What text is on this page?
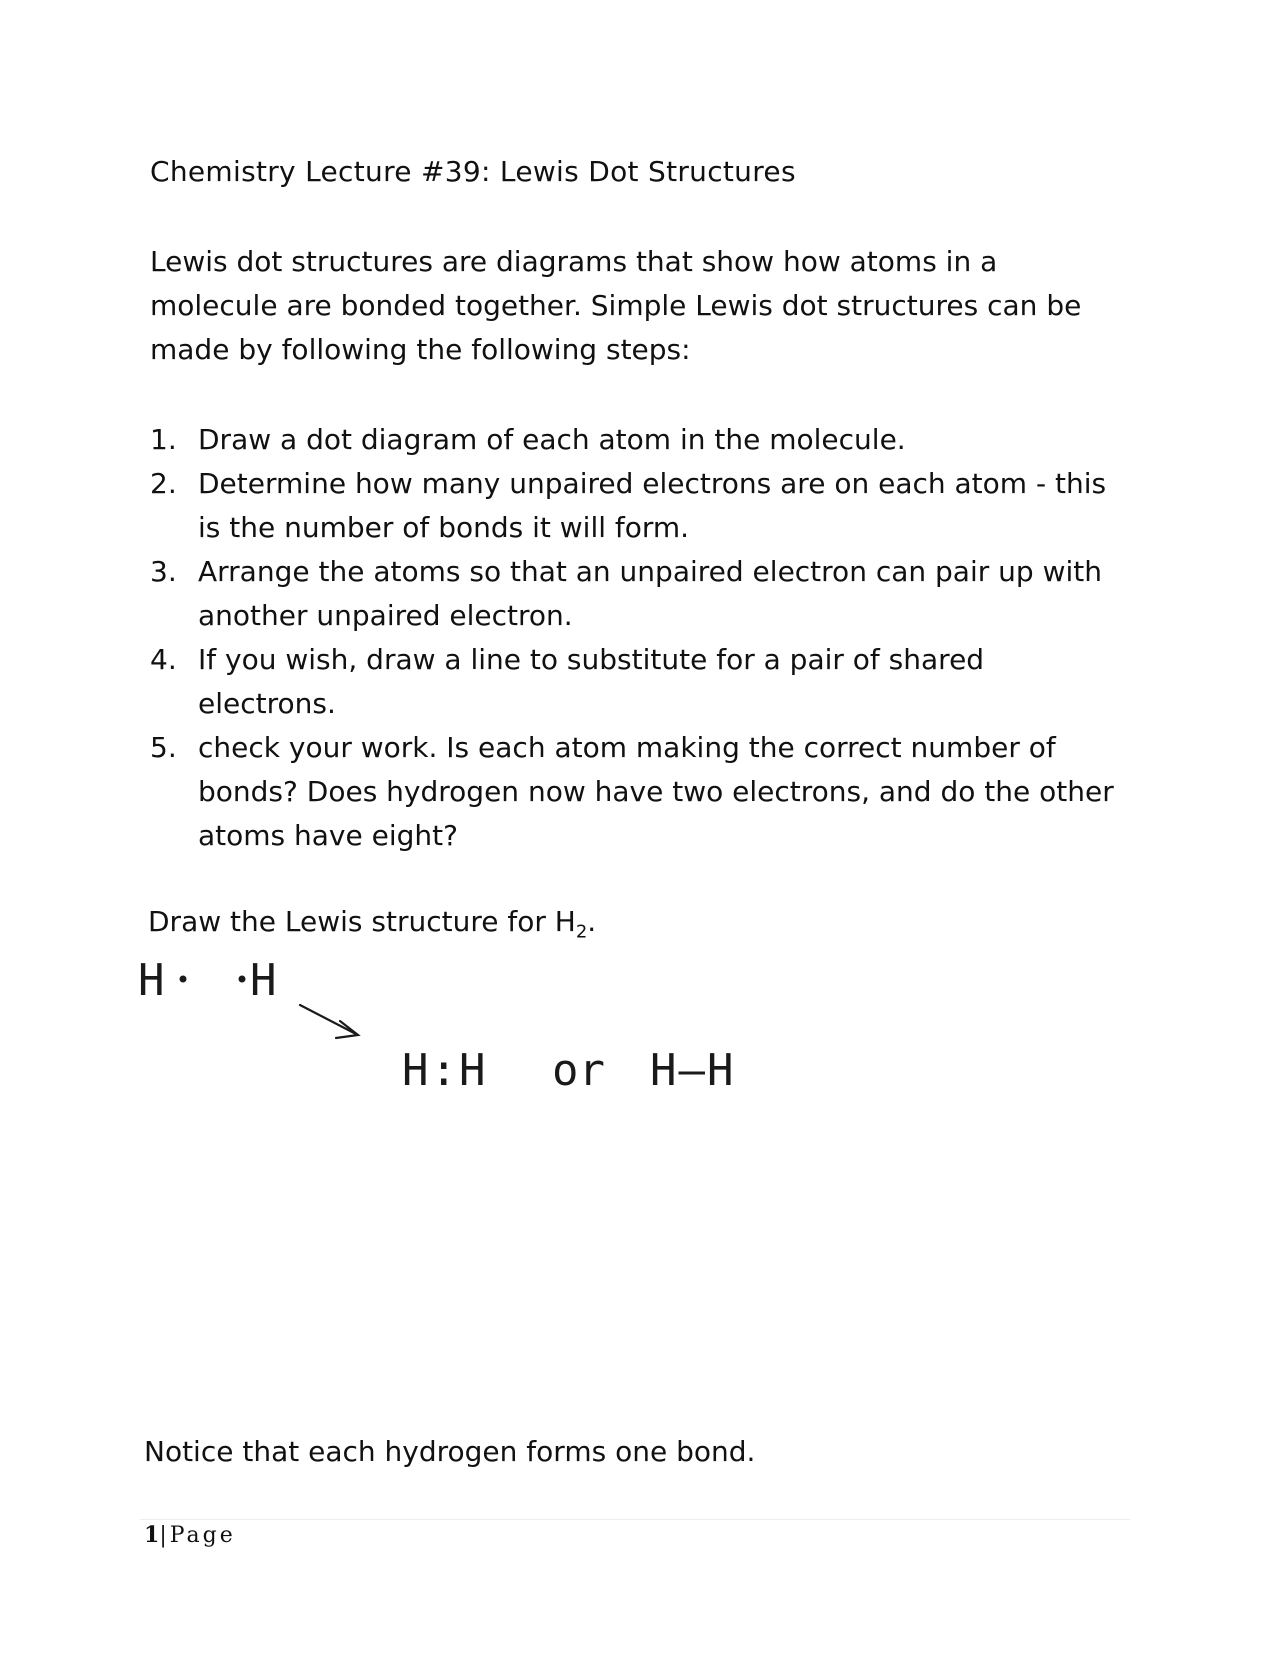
Chemistry Lecture #39: Lewis Dot Structures
Lewis dot structures are diagrams that show how atoms in a molecule are bonded together. Simple Lewis dot structures can be made by following the following steps:
1. Draw a dot diagram of each atom in the molecule.
2. Determine how many unpaired electrons are on each atom - this is the number of bonds it will form.
3. Arrange the atoms so that an unpaired electron can pair up with another unpaired electron.
4. If you wish, draw a line to substitute for a pair of shared electrons.
5. check your work. Is each atom making the correct number of bonds? Does hydrogen now have two electrons, and do the other atoms have eight?
Draw the Lewis structure for $H_2$.
H H
H:H or H–H
Notice that each hydrogen forms one bond.
1|Page
